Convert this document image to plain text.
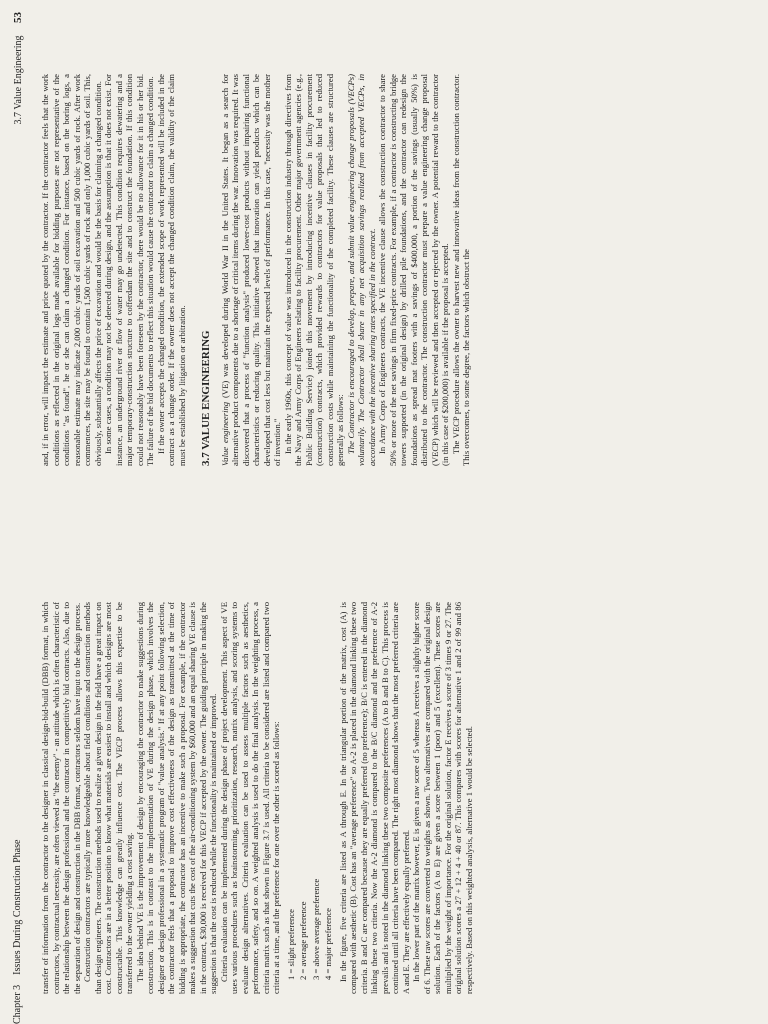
Chapter 3    Issues During Construction Phase
3.7 Value Engineering     53

transfer of information from the contractor to the designer in classical design-bid-build (DBB) format, in which contractors, by contractual necessity, are often viewed as "the enemy" - an attitude which is often characteristic of the relationship between the design professional and the contractor in competitively bid contracts. Also, due to the separation of design and construction in the DBB format, contractors seldom have input to the design process. Construction contractors are typically more knowledgeable about field conditions and construction methods than design engineers. The construction methods used to realize a given design in the field have a great impact on cost. Contractors are in a better position to know what materials are easiest to install and which designs are most constructable. This knowledge can greatly influence cost. The VECP process allows this expertise to be transferred to the owner yielding a cost saving. The idea behind VE is the improvement of design by encouraging the contractor to make suggestions during construction. This is in contrast to the implementation of VE during the design phase, which involves the designer or design professional in a systematic program of "value analysis." If at any point following selection, the contractor feels that a proposal to improve cost effectiveness of the design as transmitted at the time of bidding is appropriate, the contractor has an incentive to make such a proposal. For example, if the contractor makes a suggestion that cuts the cost of the air-conditioning system by $60,000 and an equal sharing VE clause is in the contract, $30,000 is received for this VECP if accepted by the owner. The guiding principle in making the suggestion is that the cost is reduced while the functionality is maintained or improved. Criteria evaluation can be implemented during the design phase of project development. This aspect of VE uses various procedures such as brainstorming, prioritization, research, matrix analysis, and scoring systems to evaluate design alternatives. Criteria evaluation can be used to assess multiple factors such as aesthetics, performance, safety, and so on. A weighted analysis is used to do the final analysis. In the weighting process, a criteria matrix such as that shown in Figure 3.7 is used. All criteria to be considered are listed and compared two criteria at a time, and the preference for one over the other is scored as follows: 1 = slight preference 2 = average preference 3 = above average preference 4 = major preference In the figure, five criteria are listed as A through E. In the triangular portion of the matrix, cost (A) is compared with aesthetic (B). Cost has an "average preference" so A-2 is placed in the diamond linking these two criteria. B and C are compared because they are equally preferred (no preference); B/C is entered in the diamond linking these two criteria. Now the A-2 diamond is compared to the B/C diamond and the preference of A-2 prevails and is noted in the diamond linking these two composite preferences (A to B and B to C). This process is continued until all criteria have been compared. The right most diamond shows that the most preferred criteria are A and E. They are effectively equally preferred. In the lower part of the matrix however, E is given a raw score of 5 whereas A receives a slightly higher score of 6. These raw scores are converted to weights as shown. Two alternatives are compared with the original design solution. Each of the factors (A to E) are given a score between 1 (poor) and 5 (excellent). These scores are multiplied by the weight of importance. For the original solution, factor E receives a score of 3 times 9 or 27. The original solution scores a 27 + 12 + 4 + 40 or 87. This compares with scores for alternative 1 and 2 of 99 and 86 respectively. Based on this weighted analysis, alternative 1 would be selected.

and, if in error, will impact the estimate and price quoted by the contractor. If the contractor feels that the work conditions as reflected in the original logs made available for bidding purposes are not representative of the conditions "as found", he or she can claim a changed condition. For instance, based on the boring logs, a reasonable estimate may indicate 2,000 cubic yards of soil excavation and 500 cubic yards of rock. After work commences, the site may be found to contain 1,500 cubic yards of rock and only 1,000 cubic yards of soil. This, obviously, substantially affects the price of excavation and would be the basis for claiming a changed condition. In some cases, a condition may not be detected during design, and the assumption is that it does not exist. For instance, an underground river or flow of water may go undetected. This condition requires dewatering and a major temporary-construction structure to cofferdam the site and to construct the foundation. If this condition could not reasonably have been foreseen by the contractor, there would be no allowance for it in his or her bid. The failure of the bid documents to reflect this situation would cause the contractor to claim a changed condition. If the owner accepts the changed condition, the extended scope of work represented will be included in the contract as a change order. If the owner does not accept the changed condition claim, the validity of the claim must be established by litigation or arbitration. 3.7 VALUE ENGINEERING Value engineering (VE) was developed during World War II in the United States. It began as a search for alternative product components due to a shortage of critical items during the war. Innovation was required. It was discovered that a process of "function analysis" produced lower-cost products without impairing functional characteristics or reducing quality. This initiative showed that innovation can yield products which can be developed that cost less but maintain the expected levels of performance. In this case, "necessity was the mother of invention." In the early 1960s, this concept of value was introduced in the construction industry through directives from the Navy and Army Corps of Engineers relating to facility procurement. Other major government agencies (e.g., Public Building Service) joined this movement by introducing incentive clauses in facility procurement (construction) contracts, which provided rewards to contractors for value proposals that led to reduced construction costs while maintaining the functionality of the completed facility. These clauses are structured generally as follows: The Contractor is encouraged to develop, prepare, and submit value engineering change proposals (VECPs) voluntarily. The Contractor shall share in any net acquisition savings realized from accepted VECPs, in accordance with the incentive sharing rates specified in the contract. In Army Corps of Engineers contracts, the VE incentive clause allows the construction contractor to share 50% or more of the net savings in firm fixed-price contracts. For example, if a contractor is constructing bridge towers supported (in the original design) by drilled pile foundations, and the contractor can redesign the foundations as spread mat footers with a savings of $400,000, a portion of the savings (usually 50%) is distributed to the contractor. The construction contractor must prepare a value engineering change proposal (VECP) which will be reviewed and then accepted or rejected by the owner. A potential reward to the contractor (in this case of $200,000) is available if the proposal is accepted. The VECP procedure allows the owner to harvest new and innovative ideas from the construction contractor. This overcomes, to some degree, the factors which obstruct the
